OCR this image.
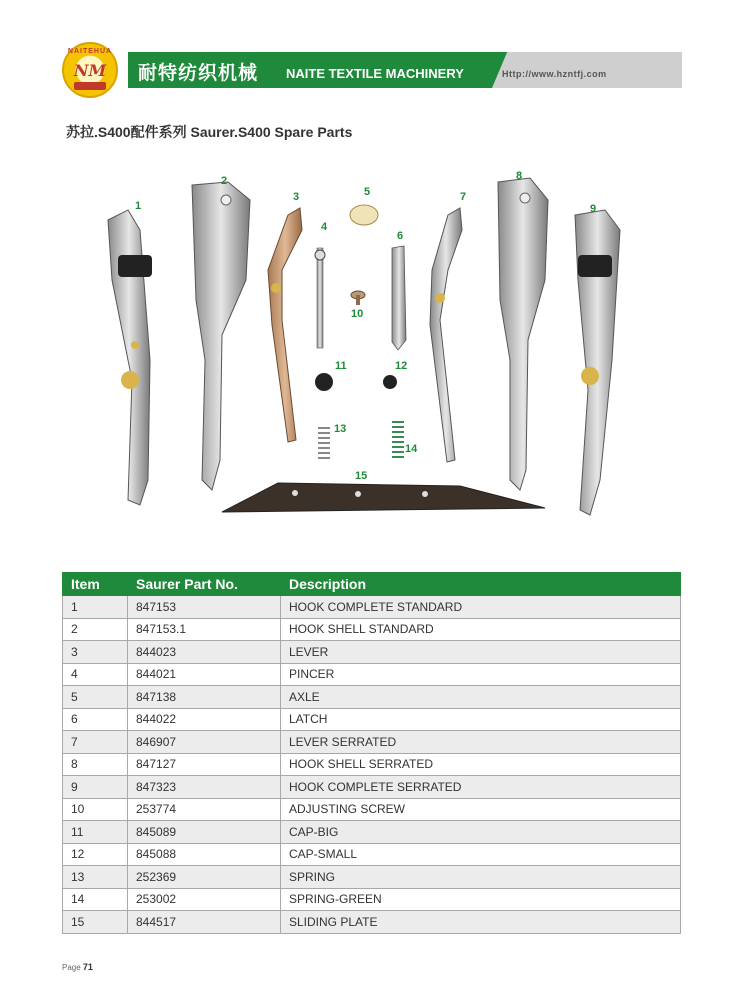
NAITEHUA
NM	耐特纺织机械 NAITE TEXTILE MACHINERY	Http://www.hzntfj.com
苏拉.S400配件系列 Saurer.S400 Spare Parts
1
2
3
4
5
6
7
8
9
10
11	12
13
14
15
Item	Saurer Part No.	Description
1	847153	HOOK COMPLETE STANDARD
2	847153.1	HOOK SHELL STANDARD
3	844023	LEVER
4	844021	PINCER
5	847138	AXLE
6	844022	LATCH
7	846907	LEVER SERRATED
8	847127	HOOK SHELL SERRATED
9	847323	HOOK COMPLETE SERRATED
10	253774	ADJUSTING SCREW
11	845089	CAP-BIG
12	845088	CAP-SMALL
13	252369	SPRING
14	253002	SPRING-GREEN
15	844517	SLIDING PLATE
Page 71
